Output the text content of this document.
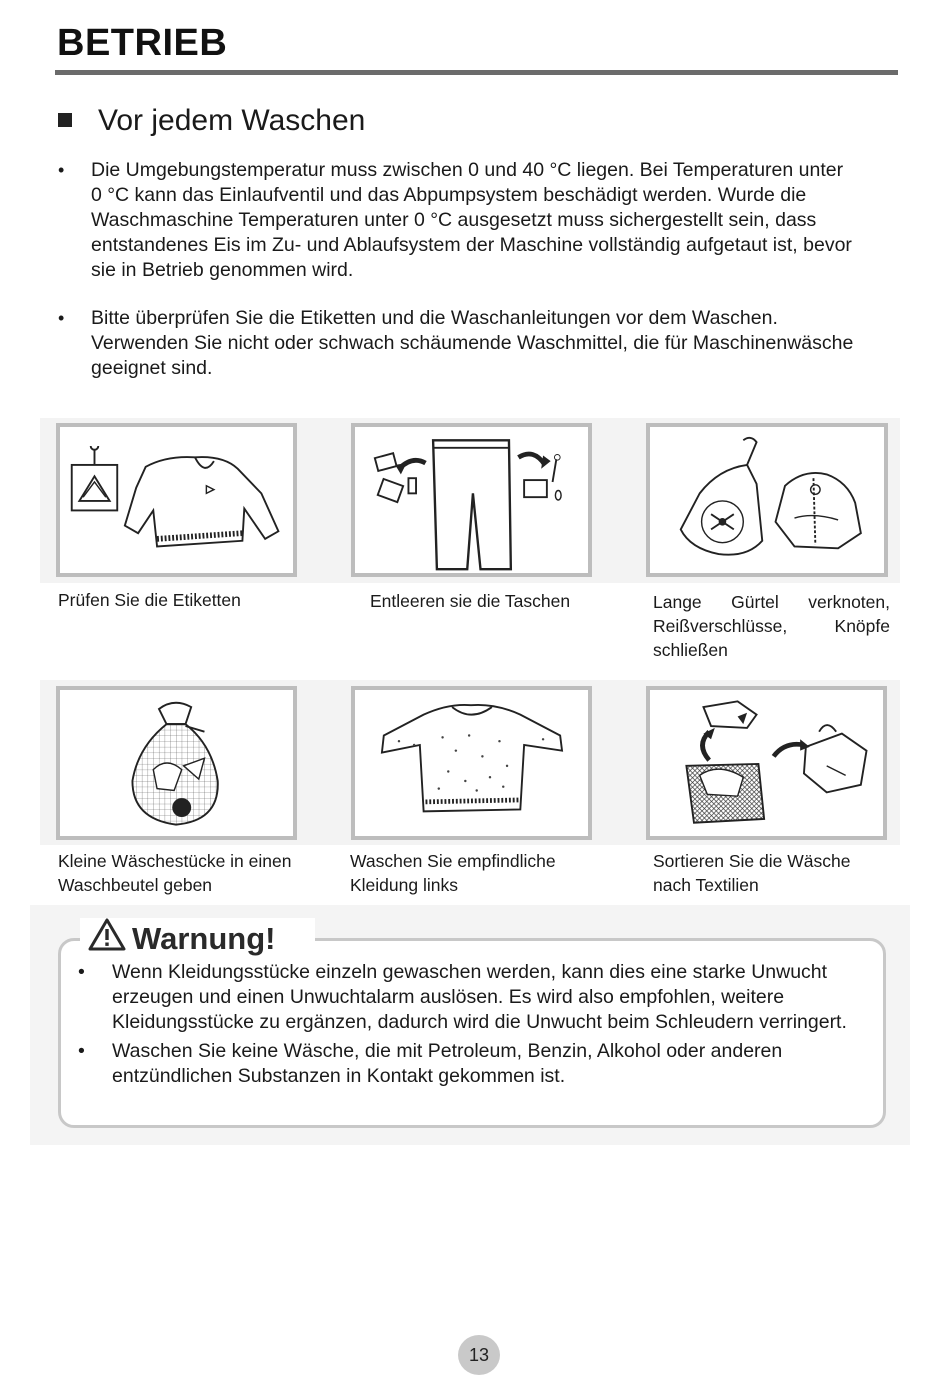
BETRIEB
Vor jedem Waschen
• Die Umgebungstemperatur muss zwischen 0 und 40 °C liegen. Bei Temperaturen unter 0 °C kann das Einlaufventil und das Abpumpsystem beschädigt werden. Wurde die Waschmaschine Temperaturen unter 0 °C ausgesetzt muss sichergestellt sein, dass entstandenes Eis im Zu- und Ablaufsystem der Maschine vollständig aufgetaut ist, bevor sie in Betrieb genommen wird.
• Bitte überprüfen Sie die Etiketten und die Waschanleitungen vor dem Waschen. Verwenden Sie nicht oder schwach schäumende Waschmittel, die für Maschinenwäsche geeignet sind.
Prüfen Sie die Etiketten	Entleeren sie die Taschen	Lange Gürtel verknoten, Reißverschlüsse, Knöpfe schließen
Kleine Wäschestücke in einen Waschbeutel geben
Waschen Sie empfindliche Kleidung links
Sortieren Sie die Wäsche nach Textilien
Warnung!
• Wenn Kleidungsstücke einzeln gewaschen werden, kann dies eine starke Unwucht erzeugen und einen Unwuchtalarm auslösen. Es wird also empfohlen, weitere Kleidungsstücke zu ergänzen, dadurch wird die Unwucht beim Schleudern verringert.
• Waschen Sie keine Wäsche, die mit Petroleum, Benzin, Alkohol oder anderen entzündlichen Substanzen in Kontakt gekommen ist.
13
